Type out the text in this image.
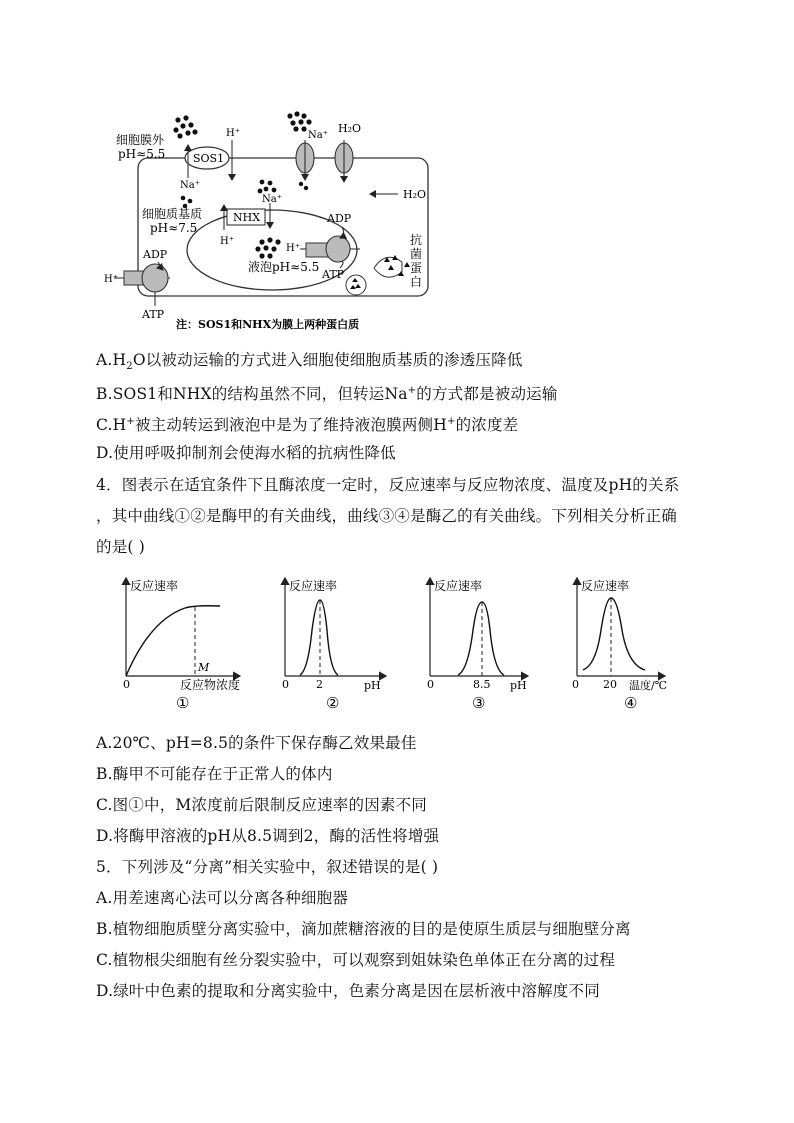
细胞膜外
pH≈5.5	SOS1
Na⁺
H⁺	Na⁺
H₂O
H₂O
Na⁺
细胞质基质
pH≈7.5
NHX
H⁺
液泡pH≈5.5
H⁺
ADP
ATP
抗
菌
蛋
白
H⁺
ADP
ATP
注：SOS1和NHX为膜上两种蛋白质
$A.H_2O$以被动运输的方式进入细胞使细胞质基质的渗透压降低
B.SOS1和NHX的结构虽然不同，但转运Na+的方式都是被动运输
C.H+被主动转运到液泡中是为了维持液泡膜两侧H+的浓度差
D.使用呼吸抑制剂会使海水稻的抗病性降低
4．图表示在适宜条件下且酶浓度一定时，反应速率与反应物浓度、温度及pH的关系
，其中曲线①②是酶甲的有关曲线，曲线③④是酶乙的有关曲线。下列相关分析正确
的是( )
反应速率
M
0	反应物浓度
①
反应速率
0 2	pH
②
反应速率
0	8.5 pH
③
反应速率
0 20 温度/℃
④
A.20℃、pH=8.5的条件下保存酶乙效果最佳
B.酶甲不可能存在于正常人的体内
C.图①中，M浓度前后限制反应速率的因素不同
D.将酶甲溶液的pH从8.5调到2，酶的活性将增强
5．下列涉及“分离”相关实验中，叙述错误的是( )
A.用差速离心法可以分离各种细胞器
B.植物细胞质壁分离实验中，滴加蔗糖溶液的目的是使原生质层与细胞壁分离
C.植物根尖细胞有丝分裂实验中，可以观察到姐妹染色单体正在分离的过程
D.绿叶中色素的提取和分离实验中，色素分离是因在层析液中溶解度不同
